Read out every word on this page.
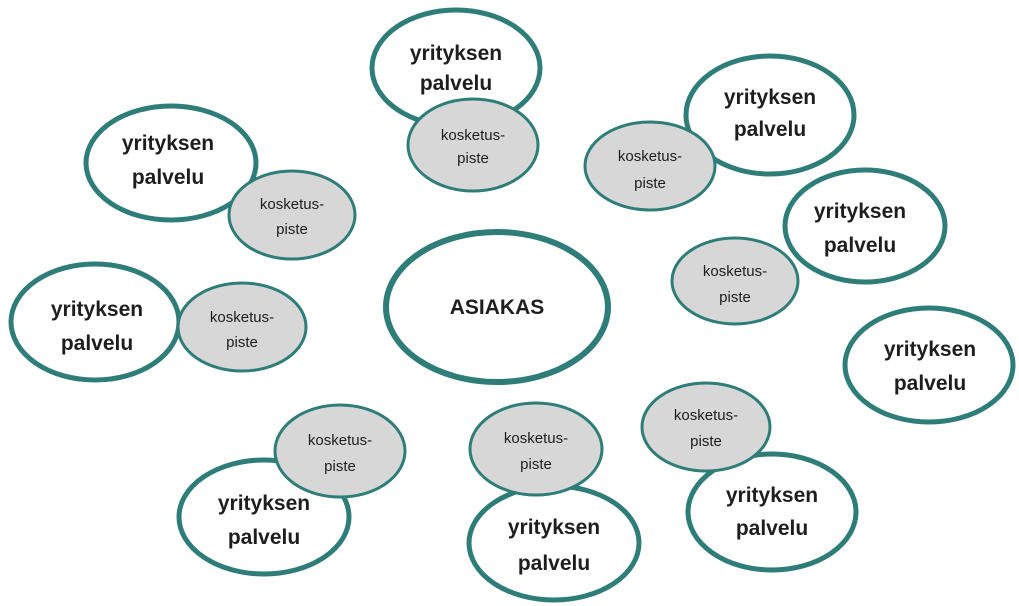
ASIAKAS
yrityksen
palvelu
kosketus-
piste
yrityksen
palvelu
kosketus-
piste
yrityksen
palvelu
kosketus-
piste
yrityksen
palvelu
kosketus-
piste
yrityksen
palvelu
kosketus-
piste	yrityksen
palvelu
yrityksen
palvelu
kosketus-
piste
yrityksen
palvelu
kosketus-
piste
yrityksen
palvelu
kosketus-
piste
